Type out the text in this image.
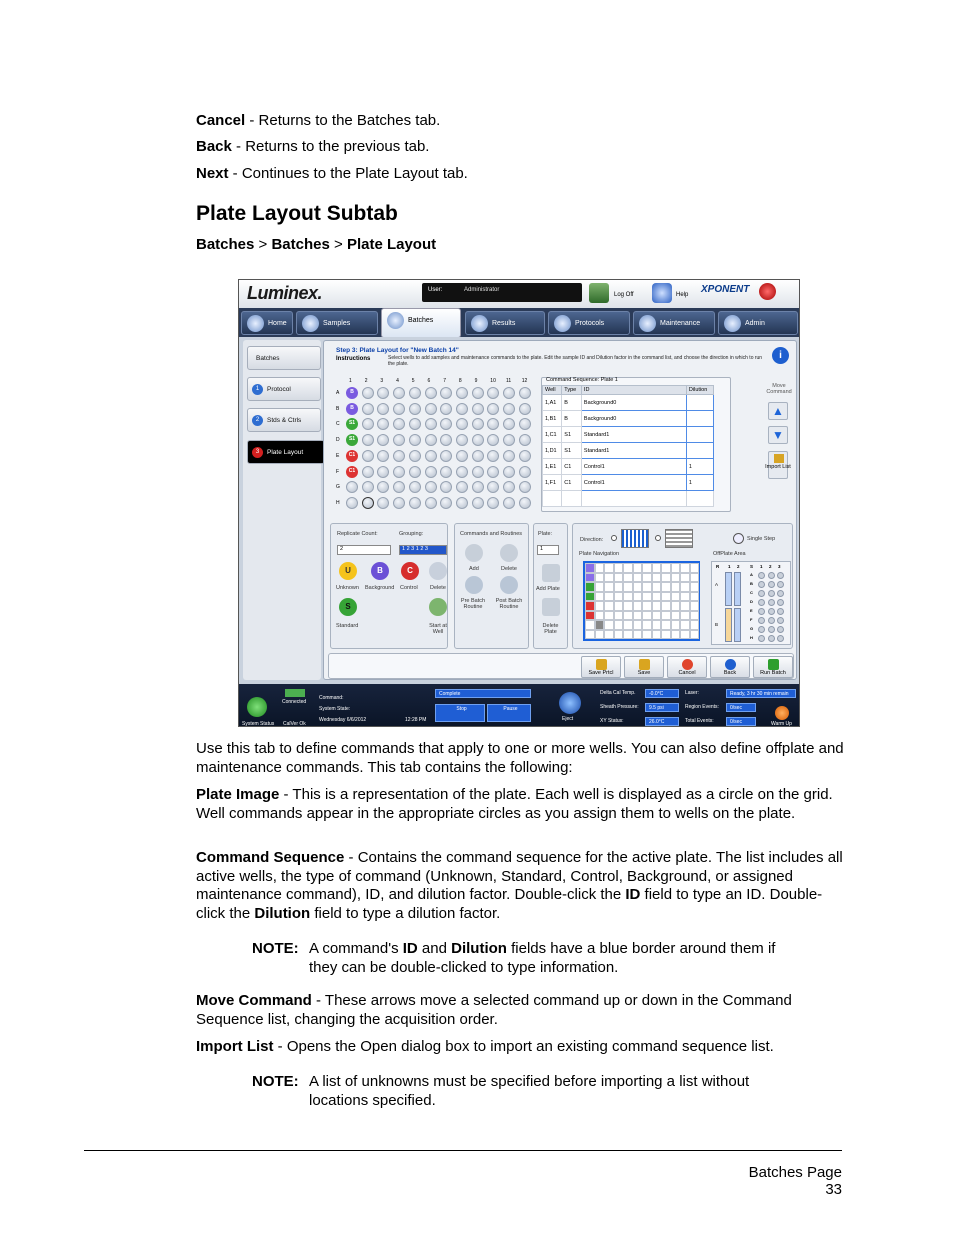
Cancel - Returns to the Batches tab.
Back - Returns to the previous tab.
Next - Continues to the Plate Layout tab.
Plate Layout Subtab
Batches > Batches > Plate Layout
Luminex.	User:	Administrator
Log Off	Help XPONENT
Home	Samples	Batches	Results	Protocols	Maintenance	Admin
Batches
1	Protocol
2	Stds & Ctrls
3	Plate Layout
Step 3: Plate Layout for "New Batch 14"
Instructions	Select wells to add samples and maintenance commands to the plate. Edit the sample ID and Dilution factor in the command list, and choose the direction in which to run the plate.
i
1	2	3	4	5	6	7	8	9	10 11 12
A	B
B	B
C	S1
D	S1
E	C1
F	C1
G
H
Command Sequence: Plate 1
Well	Type	ID	Dilution
1,A1	B	Background0	
1,B1	B	Background0	
1,C1	S1	Standard1	
1,D1	S1	Standard1	
1,E1	C1	Control1	1
1,F1	C1	Control1	1

Move Command
▲
▼
Import List
Replicate Count:
2
Grouping:
1 2 3 1 2 3
U	B	C
Unknown Background Control Delete
S
Standard	Start at Well
Commands and Routines
Add	Delete
Pre Batch Routine
Post Batch Routine
Plate:
1
Add Plate
Delete Plate
Direction:	Single Step
Plate Navigation	OffPlate Area
R 1 2 S 1 2 3
A
B
A
B
C
D
E
F
G
H
Save Prtcl	Save	Cancel	Back	Run Batch
System Status
Connected
CalVer Ok
Command:
System State:
Wednesday 6/6/2012	12:28 PM
Complete
Stop	Pause
Eject
Delta Cal Temp.	-0.0°C
Sheath Pressure:	9.5 psi
XY Status:	26.0°C
Laser:	Ready, 3 hr 30 min remain
Region Events:	0/sec
Total Events:	0/sec	Warm Up
Use this tab to define commands that apply to one or more wells. You can also define offplate and maintenance commands. This tab contains the following:
Plate Image - This is a representation of the plate. Each well is displayed as a circle on the grid. Well commands appear in the appropriate circles as you assign them to wells on the plate.
Command Sequence - Contains the command sequence for the active plate. The list includes all active wells, the type of command (Unknown, Standard, Control, Background, or assigned maintenance command), ID, and dilution factor. Double-click the ID field to type an ID. Double-click the Dilution field to type a dilution factor.
NOTE: A command's ID and Dilution fields have a blue border around them if they can be double-clicked to type information.
Move Command - These arrows move a selected command up or down in the Command Sequence list, changing the acquisition order.
Import List - Opens the Open dialog box to import an existing command sequence list.
NOTE: A list of unknowns must be specified before importing a list without locations specified.
Batches Page
33
